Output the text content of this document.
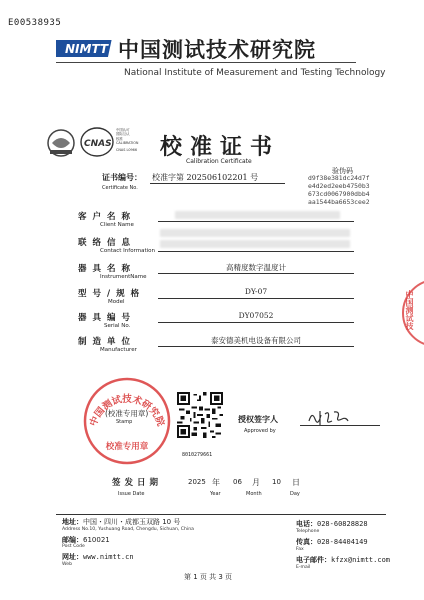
E00538935
NIMTT 中国测试技术研究院
National Institute of Measurement and Testing Technology
CNAS
中国认可
国际互认
校准
CALIBRATION
CNAS L0966 校准证书
Calibration Certificate
验伪码
d9f38e381dc24d7f
e4d2ed2eeb4750b3
673cd0067900dbb4
aa1544ba6653cee2
证书编号： 校准字第 202506102201 号
Certificate No.
客户名称
Client Name
联络信息
Contact Information
器具名称
InstrumentName
高精度数字温度计
型号/规格
Model
DY-07
器具编号
Serial No.
DY07052
制造单位
Manufacturer
泰安德美机电设备有限公司
中国测试技术研究院
校准专用章
(校准专用章)
Stamp
8010279661
授权签字人
Approved by
签发日期
Issue Date
2025 年
Year
06 月
Month
10 日
Day
地址：中国・四川・成都玉双路 10 号
Address No.10, Yushuang Road, Chengdu, Sichuan, China
邮编：610021
Post Code
网址：www.nimtt.cn
Web
电话：028-60828828
Telephone
传真：028-84404149
Fax
电子邮件：kfzx@nimtt.com
E-mail
第 1 页 共 3 页
中国测试技
